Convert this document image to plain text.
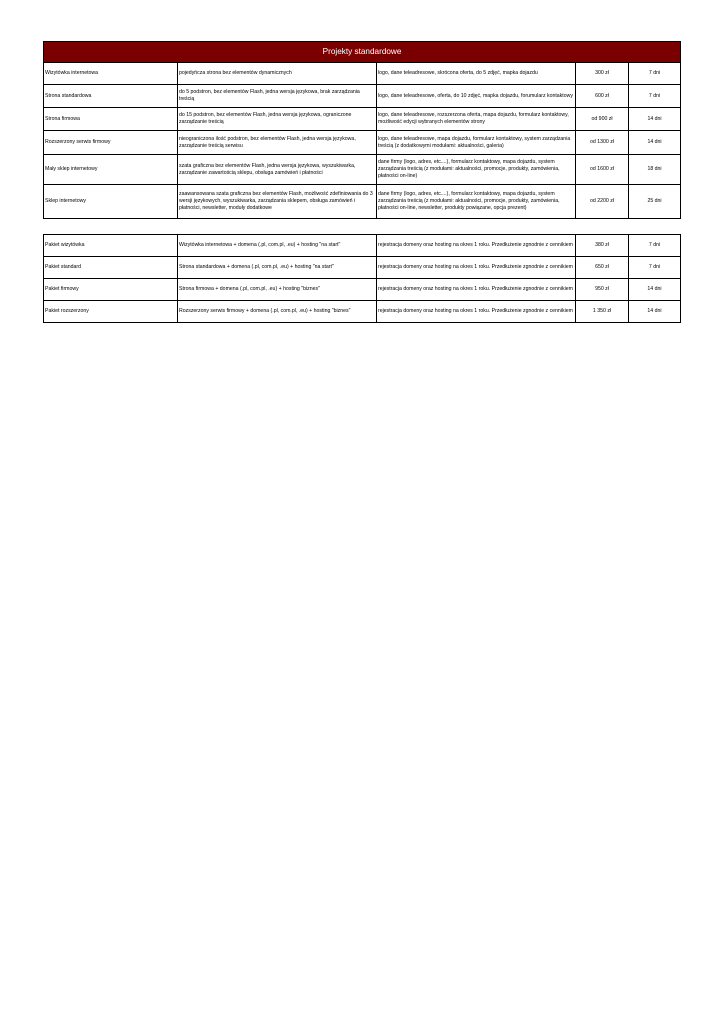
Projekty standardowe				
Wizytówka internetowa	pojedyńcza strona bez elementów dynamicznych	logo, dane teleadresowe, skrócona oferta, do 5 zdjęć, mapka dojazdu	300 zł	7 dni
Strona standardowa	do 5 podstron, bez elementów Flash, jedna wersja językowa, brak zarządzania treścią	logo, dane teleadresowe, oferta, do 10 zdjęć, mapka dojazdu, forumularz kontaktowy	600 zł	7 dni
Strona firmowa	do 15 podstron, bez elementów Flash, jedna wersja językowa, ograniczone zarządzanie treścią	logo, dane teleadresowe, rozszerzona oferta, mapa dojazdu, formularz kontaktowy, możliwość edycji wybranych elementów strony	od 900 zł	14 dni
Rozszerzony serwis firmowy	nieograniczona ilość podstron, bez elementów Flash, jedna wersja językowa, zarządzanie treścią serwisu	logo, dane teleadresowe, mapa dojazdu, formularz kontaktowy, system zarządzania treścią (z dodatkowymi modułami: aktualności, galeria)	od 1300 zł	14 dni
Mały sklep internetowy	szata graficzna bez elementów Flash, jedna wersja językowa, wyszukiwarka, zarządzanie zawartością sklepu, obsługa zamówień i płatności	dane firmy (logo, adres, etc....), formularz kontaktowy, mapa dojazdu, system zarządzania treścią (z modułami: aktualności, promocje, produkty, zamówienia, płatności on-line)	od 1600 zł	18 dni
Sklep internetowy	zaawansowana szata graficzna bez elementów Flash, możliwość zdefiniowania do 3 wersji językowych, wyszukiwarka, zarządzania sklepem, obsługa zamówień i płatności, newsletter, moduły dodatkowe	dane firmy (logo, adres, etc....), formularz kontaktowy, mapa dojazdu, system zarządzania treścią (z modułami: aktualności, promocje, produkty, zamówienia, płatności on-line, newsletter, produkty powiązane, opcja prezent)	od 2200 zł	25 dni
Pakiet wizytówka	Wizytówka internetowa + domena (.pl, com.pl, .eu) + hosting "na start"	rejestracja domeny oraz hosting na okres 1 roku. Przedłużenie zgnodnie z cennikiem	380 zł	7 dni
Pakiet standard	Strona standardowa + domena (.pl, com.pl, .eu) + hosting "na start"	rejestracja domeny oraz hosting na okres 1 roku. Przedłużenie zgnodnie z cennikiem	650 zł	7 dni
Pakiet firmowy	Strona firmowa + domena (.pl, com.pl, .eu) + hosting "biznes"	rejestracja domeny oraz hosting na okres 1 roku. Przedłużenie zgnodnie z cennikiem	950 zł	14 dni
Pakiet rozszerzony	Rozszerzony serwis firmowy + domena (.pl, com.pl, .eu) + hosting "biznes"	rejestracja domeny oraz hosting na okres 1 roku. Przedłużenie zgnodnie z cennikiem	1 350 zł	14 dni
